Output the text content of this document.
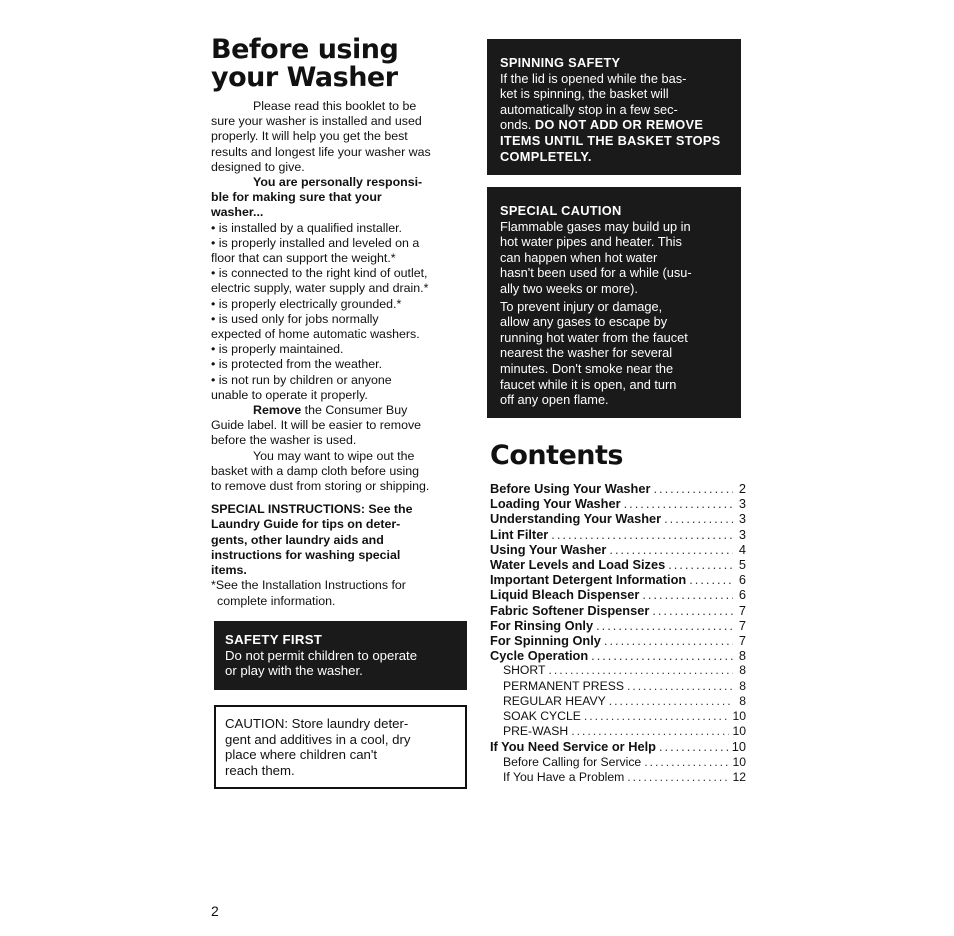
Before using
your Washer

Please read this booklet to be

sure your washer is installed and used

properly. It will help you get the best

results and longest life your washer was

designed to give.

You are personally responsi-

ble for making sure that your

washer...

• is installed by a qualified installer.

• is properly installed and leveled on a

floor that can support the weight.*

• is connected to the right kind of outlet,

electric supply, water supply and drain.*

• is properly electrically grounded.*

• is used only for jobs normally

expected of home automatic washers.

• is properly maintained.

• is protected from the weather.

• is not run by children or anyone

unable to operate it properly.

Remove the Consumer Buy

Guide label. It will be easier to remove

before the washer is used.

You may want to wipe out the

basket with a damp cloth before using

to remove dust from storing or shipping.

SPECIAL INSTRUCTIONS: See the

Laundry Guide for tips on deter-

gents, other laundry aids and

instructions for washing special

items.

*See the Installation Instructions for

complete information.

SAFETY FIRST
Do not permit children to operate
or play with the washer.
CAUTION: Store laundry deter-
gent and additives in a cool, dry
place where children can't
reach them.
SPINNING SAFETY
If the lid is opened while the bas-
ket is spinning, the basket will
automatically stop in a few sec-
onds. DO NOT ADD OR REMOVE
ITEMS UNTIL THE BASKET STOPS
COMPLETELY.
SPECIAL CAUTION
Flammable gases may build up in
hot water pipes and heater. This
can happen when hot water
hasn't been used for a while (usu-
ally two weeks or more).
To prevent injury or damage,
allow any gases to escape by
running hot water from the faucet
nearest the washer for several
minutes. Don't smoke near the
faucet while it is open, and turn
off any open flame.
Contents
Before Using Your Washer .....	2
Loading Your Washer .....	3
Understanding Your Washer .....	3
Lint Filter .....	3
Using Your Washer .....	4
Water Levels and Load Sizes .....	5
Important Detergent Information .....	6
Liquid Bleach Dispenser .....	6
Fabric Softener Dispenser .....	7
For Rinsing Only .....	7
For Spinning Only .....	7
Cycle Operation .....	8
SHORT .....	8
PERMANENT PRESS .....	8
REGULAR HEAVY .....	8
SOAK CYCLE .....	10
PRE-WASH .....	10
If You Need Service or Help .....	10
Before Calling for Service .....	10
If You Have a Problem .....	12
2
